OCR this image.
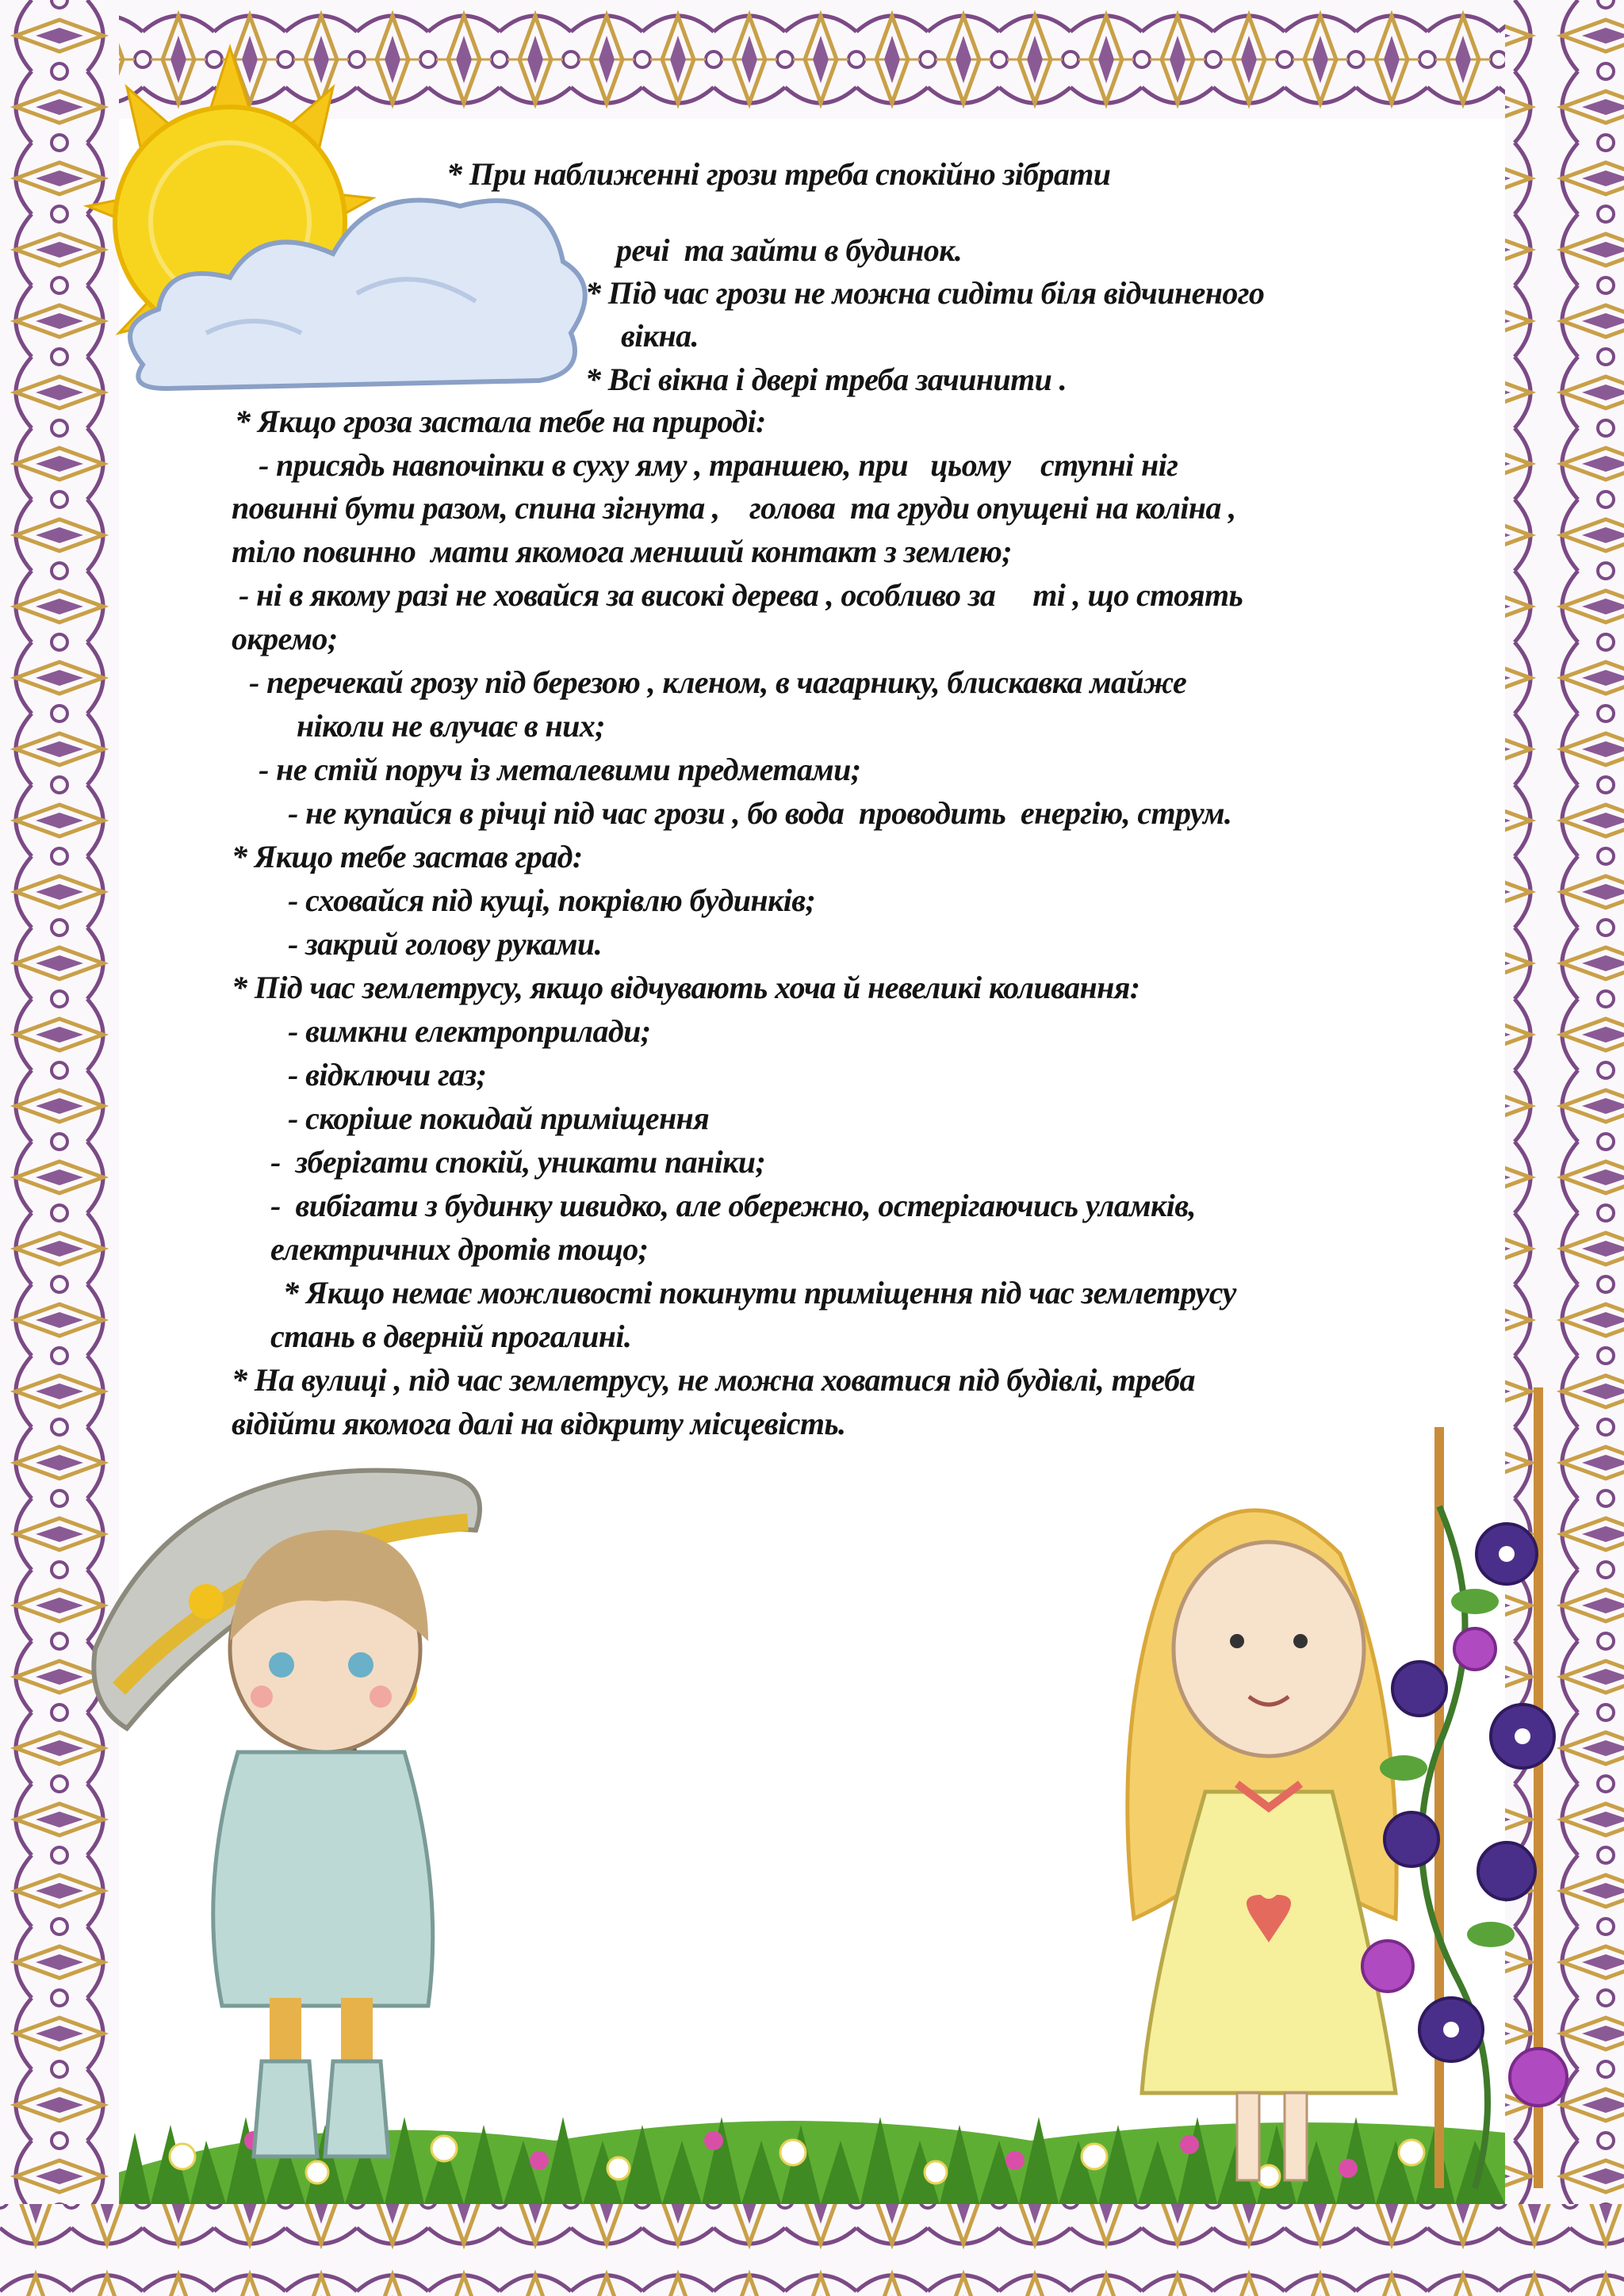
* При наближенні грози треба спокійно зібрати
речі  та зайти в будинок.
* Під час грози не можна сидіти біля відчиненого
вікна.
* Всі вікна і двері треба зачинити .
* Якщо гроза застала тебе на природі:
- присядь навпочіпки в суху яму , траншею, при   цьому    ступні ніг
повинні бути разом, спина зігнута ,    голова  та груди опущені на коліна ,
тіло повинно  мати якомога менший контакт з землею;
- ні в якому разі не ховайся за високі дерева , особливо за     ті , що стоять
окремо;
- перечекай грозу під березою , кленом, в чагарнику, блискавка майже
ніколи не влучає в них;
- не стій поруч із металевими предметами;
- не купайся в річці під час грози , бо вода  проводить  енергію, струм.
* Якщо тебе застав град:
- сховайся під кущі, покрівлю будинків;
- закрий голову руками.
* Під час землетрусу, якщо відчувають хоча й невеликі коливання:
- вимкни електроприлади;
- відключи газ;
- скоріше покидай приміщення
-  зберігати спокій, уникати паніки;
-  вибігати з будинку швидко, але обережно, остерігаючись уламків,
електричних дротів тощо;
* Якщо немає можливості покинути приміщення під час землетрусу
стань в дверній прогалині.
* На вулиці , під час землетрусу, не можна ховатися під будівлі, треба
відійти якомога далі на відкриту місцевість.
